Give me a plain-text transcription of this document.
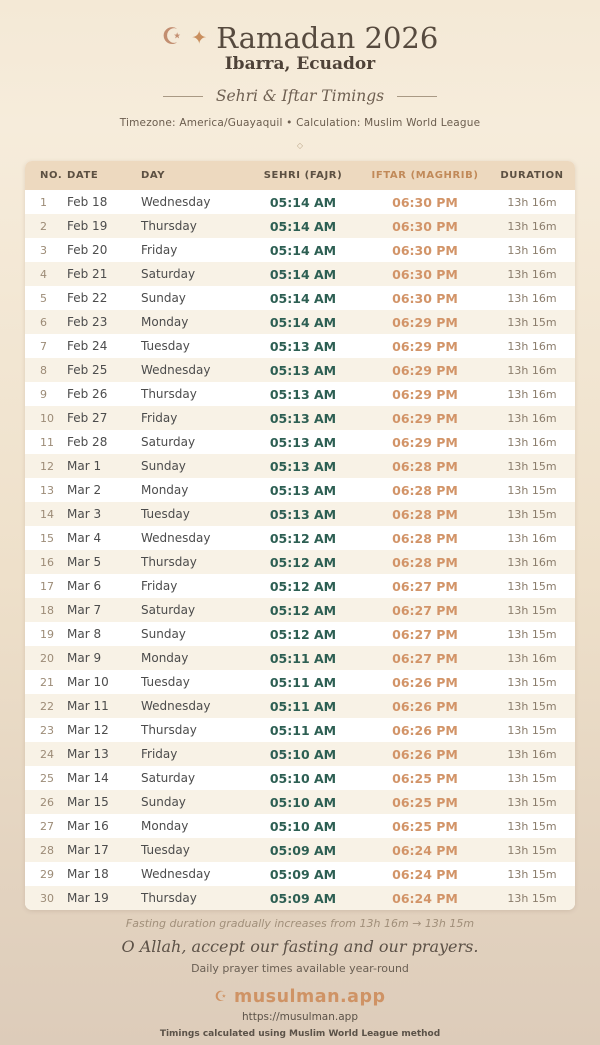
☪ ✦ Ramadan 2026
Ibarra, Ecuador
Sehri & Iftar Timings
Timezone: America/Guayaquil • Calculation: Muslim World League
◇
NO.	DATE	DAY	SEHRI (FAJR)	IFTAR (MAGHRIB)	DURATION
1	Feb 18	Wednesday	05:14 AM	06:30 PM	13h 16m
2	Feb 19	Thursday	05:14 AM	06:30 PM	13h 16m
3	Feb 20	Friday	05:14 AM	06:30 PM	13h 16m
4	Feb 21	Saturday	05:14 AM	06:30 PM	13h 16m
5	Feb 22	Sunday	05:14 AM	06:30 PM	13h 16m
6	Feb 23	Monday	05:14 AM	06:29 PM	13h 15m
7	Feb 24	Tuesday	05:13 AM	06:29 PM	13h 16m
8	Feb 25	Wednesday	05:13 AM	06:29 PM	13h 16m
9	Feb 26	Thursday	05:13 AM	06:29 PM	13h 16m
10	Feb 27	Friday	05:13 AM	06:29 PM	13h 16m
11	Feb 28	Saturday	05:13 AM	06:29 PM	13h 16m
12	Mar 1	Sunday	05:13 AM	06:28 PM	13h 15m
13	Mar 2	Monday	05:13 AM	06:28 PM	13h 15m
14	Mar 3	Tuesday	05:13 AM	06:28 PM	13h 15m
15	Mar 4	Wednesday	05:12 AM	06:28 PM	13h 16m
16	Mar 5	Thursday	05:12 AM	06:28 PM	13h 16m
17	Mar 6	Friday	05:12 AM	06:27 PM	13h 15m
18	Mar 7	Saturday	05:12 AM	06:27 PM	13h 15m
19	Mar 8	Sunday	05:12 AM	06:27 PM	13h 15m
20	Mar 9	Monday	05:11 AM	06:27 PM	13h 16m
21	Mar 10	Tuesday	05:11 AM	06:26 PM	13h 15m
22	Mar 11	Wednesday	05:11 AM	06:26 PM	13h 15m
23	Mar 12	Thursday	05:11 AM	06:26 PM	13h 15m
24	Mar 13	Friday	05:10 AM	06:26 PM	13h 16m
25	Mar 14	Saturday	05:10 AM	06:25 PM	13h 15m
26	Mar 15	Sunday	05:10 AM	06:25 PM	13h 15m
27	Mar 16	Monday	05:10 AM	06:25 PM	13h 15m
28	Mar 17	Tuesday	05:09 AM	06:24 PM	13h 15m
29	Mar 18	Wednesday	05:09 AM	06:24 PM	13h 15m
30	Mar 19	Thursday	05:09 AM	06:24 PM	13h 15m
Fasting duration gradually increases from 13h 16m → 13h 15m
O Allah, accept our fasting and our prayers.
Daily prayer times available year-round
☪ musulman.app
https://musulman.app
Timings calculated using Muslim World League method
